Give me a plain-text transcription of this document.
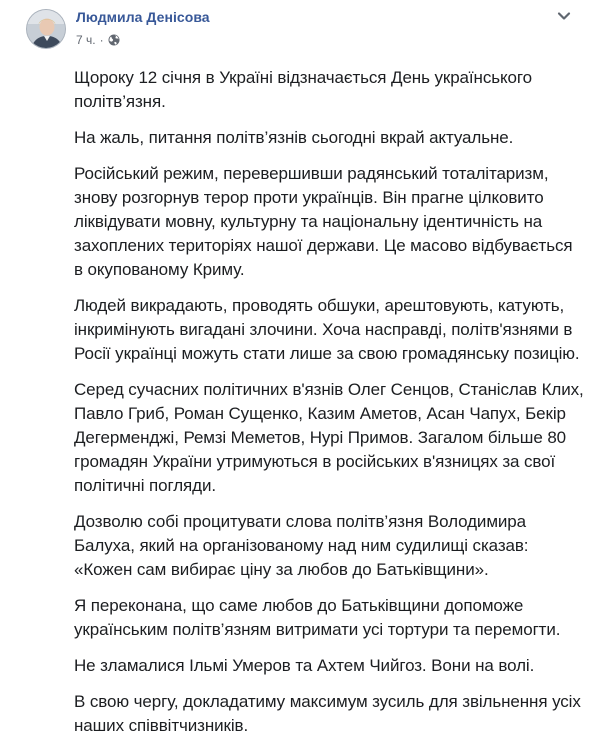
Людмила Денісова
7 ч. ·

Щороку 12 січня в Україні відзначається День українського політв’язня.

На жаль, питання політв’язнів сьогодні вкрай актуальне.

Російський режим, перевершивши радянський тоталітаризм, знову розгорнув терор проти українців. Він прагне цілковито ліквідувати мовну, культурну та національну ідентичність на захоплених територіях нашої держави. Це масово відбувається в окупованому Криму.

Людей викрадають, проводять обшуки, арештовують, катують, інкримінують вигадані злочини. Хоча насправді, політв'язнями в Росії українці можуть стати лише за свою громадянську позицію.

Серед сучасних політичних в'язнів Олег Сенцов, Станіслав Клих, Павло Гриб, Роман Сущенко, Казим Аметов, Асан Чапух, Бекір Дегерменджі, Ремзі Меметов, Нурі Примов. Загалом більше 80 громадян України утримуються в російських в'язницях за свої політичні погляди.

Дозволю собі процитувати слова політв’язня Володимира Балуха, який на організованому над ним судилищі сказав: «Кожен сам вибирає ціну за любов до Батьківщини».

Я переконана, що саме любов до Батьківщини допоможе українським політв’язням витримати усі тортури та перемогти.

Не зламалися Ільмі Умеров та Ахтем Чийгоз. Вони на волі.

В свою чергу, докладатиму максимум зусиль для звільнення усіх наших співвітчизників.
